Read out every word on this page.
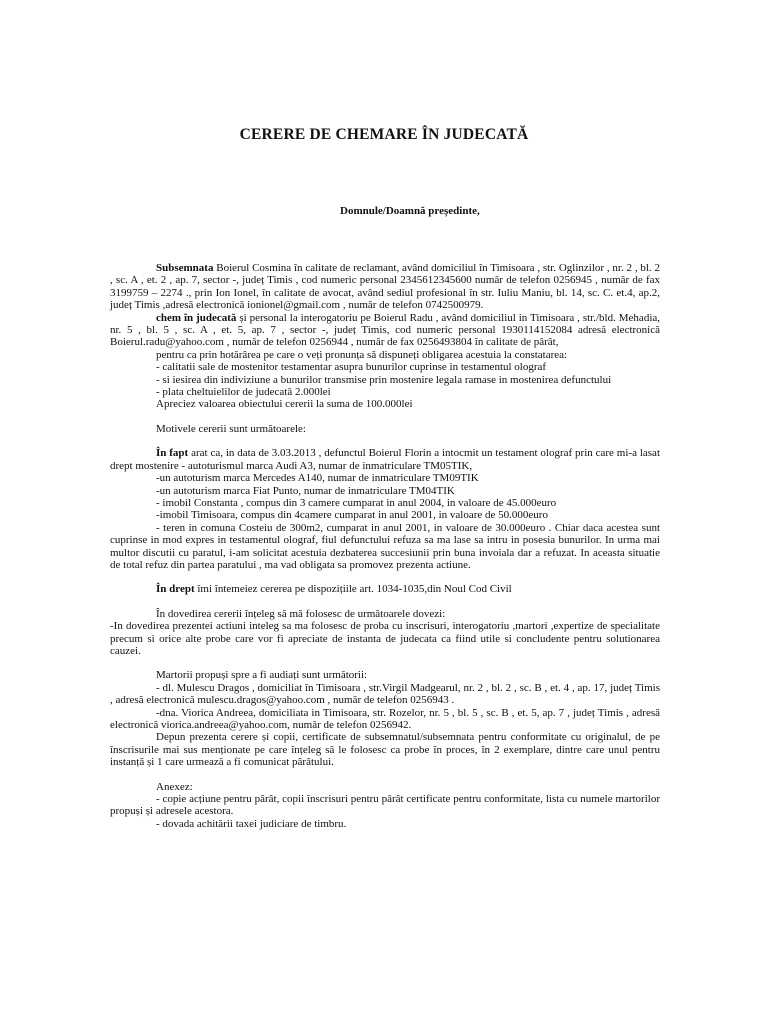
CERERE DE CHEMARE ÎN JUDECATĂ
Domnule/Doamnă președinte,

Subsemnata Boierul Cosmina în calitate de reclamant, având domiciliul în Timisoara , str. Oglinzilor , nr. 2 , bl. 2 , sc. A , et. 2 , ap. 7, sector -, județ Timis , cod numeric personal 2345612345600 număr de telefon 0256945 , număr de fax 3199759 – 2274 ., prin Ion Ionel, în calitate de avocat, având sediul profesional în str. Iuliu Maniu, bl. 14, sc. C. et.4, ap.2, județ Timis ,adresă electronică ionionel@gmail.com , număr de telefon 0742500979.

chem în judecată și personal la interogatoriu pe Boierul Radu , având domiciliul in Timisoara , str./bld. Mehadia, nr. 5 , bl. 5 , sc. A , et. 5, ap. 7 , sector -, județ Timis, cod numeric personal 1930114152084 adresă electronică Boierul.radu@yahoo.com , număr de telefon 0256944 , număr de fax 0256493804 în calitate de pârât,

pentru ca prin hotărârea pe care o veți pronunța să dispuneți obligarea acestuia la constatarea:

- calitatii sale de mostenitor testamentar asupra bunurilor cuprinse in testamentul olograf

- si iesirea din indiviziune a bunurilor transmise prin mostenire legala ramase in mostenirea defunctului

- plata cheltuielilor de judecată 2.000lei

Apreciez valoarea obiectului cererii la suma de 100.000lei

Motivele cererii sunt următoarele:

În fapt arat ca, in data de 3.03.2013 , defunctul Boierul Florin a intocmit un testament olograf prin care mi-a lasat drept mostenire - autoturismul marca Audi A3, numar de inmatriculare TM05TIK,

-un autoturism marca Mercedes A140, numar de inmatriculare TM09TIK

-un autoturism marca Fiat Punto, numar de inmatriculare TM04TIK

- imobil Constanta , compus din 3 camere cumparat in anul 2004, in valoare de 45.000euro

-imobil Timisoara, compus din 4camere cumparat in anul 2001, in valoare de 50.000euro

- teren in comuna Costeiu de 300m2, cumparat in anul 2001, in valoare de 30.000euro . Chiar daca acestea sunt cuprinse in mod expres in testamentul olograf, fiul defunctului refuza sa ma lase sa intru in posesia bunurilor. In urma mai multor discutii cu paratul, i-am solicitat acestuia dezbaterea succesiunii prin buna invoiala dar a refuzat. In aceasta situatie de total refuz din partea paratului , ma vad obligata sa promovez prezenta actiune.

În drept îmi întemeiez cererea pe dispozițiile art. 1034-1035,din Noul Cod Civil

În dovedirea cererii înțeleg să mă folosesc de următoarele dovezi:

-In dovedirea prezentei actiuni inteleg sa ma folosesc de proba cu inscrisuri, interogatoriu ,martori ,expertize de specialitate precum si orice alte probe care vor fi apreciate de instanta de judecata ca fiind utile si concludente pentru solutionarea cauzei.

Martorii propuși spre a fi audiați sunt următorii:

- dl. Mulescu Dragos , domiciliat în Timisoara , str.Virgil Madgearul, nr. 2 , bl. 2 , sc. B , et. 4 , ap. 17, județ Timis , adresă electronică mulescu.dragos@yahoo.com , număr de telefon 0256943 .

-dna. Viorica Andreea, domiciliata in Timisoara, str. Rozelor, nr. 5 , bl. 5 , sc. B , et. 5, ap. 7 , județ Timis , adresă electronică viorica.andreea@yahoo.com, număr de telefon 0256942.

Depun prezenta cerere și copii, certificate de subsemnatul/subsemnata pentru conformitate cu originalul, de pe înscrisurile mai sus menționate pe care înțeleg să le folosesc ca probe în proces, în 2 exemplare, dintre care unul pentru instanță și 1 care urmează a fi comunicat pârâtului.

Anexez:

- copie acțiune pentru pârât, copii înscrisuri pentru pârât certificate pentru conformitate, lista cu numele martorilor propuși și adresele acestora.

- dovada achitării taxei judiciare de timbru.
